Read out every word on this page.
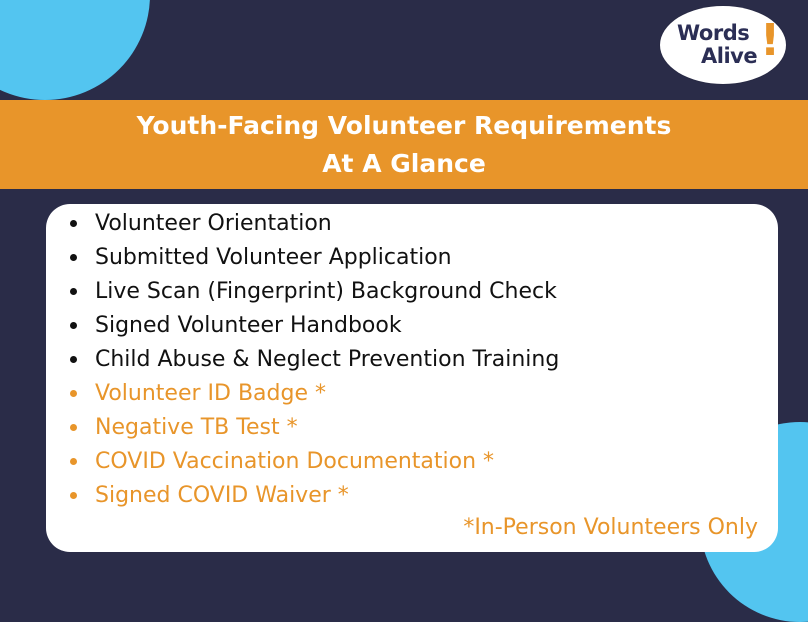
Words
Alive !
Youth-Facing Volunteer Requirements
At A Glance
Volunteer Orientation
Submitted Volunteer Application
Live Scan (Fingerprint) Background Check
Signed Volunteer Handbook
Child Abuse & Neglect Prevention Training
Volunteer ID Badge *
Negative TB Test *
COVID Vaccination Documentation *
Signed COVID Waiver *
*In-Person Volunteers Only
